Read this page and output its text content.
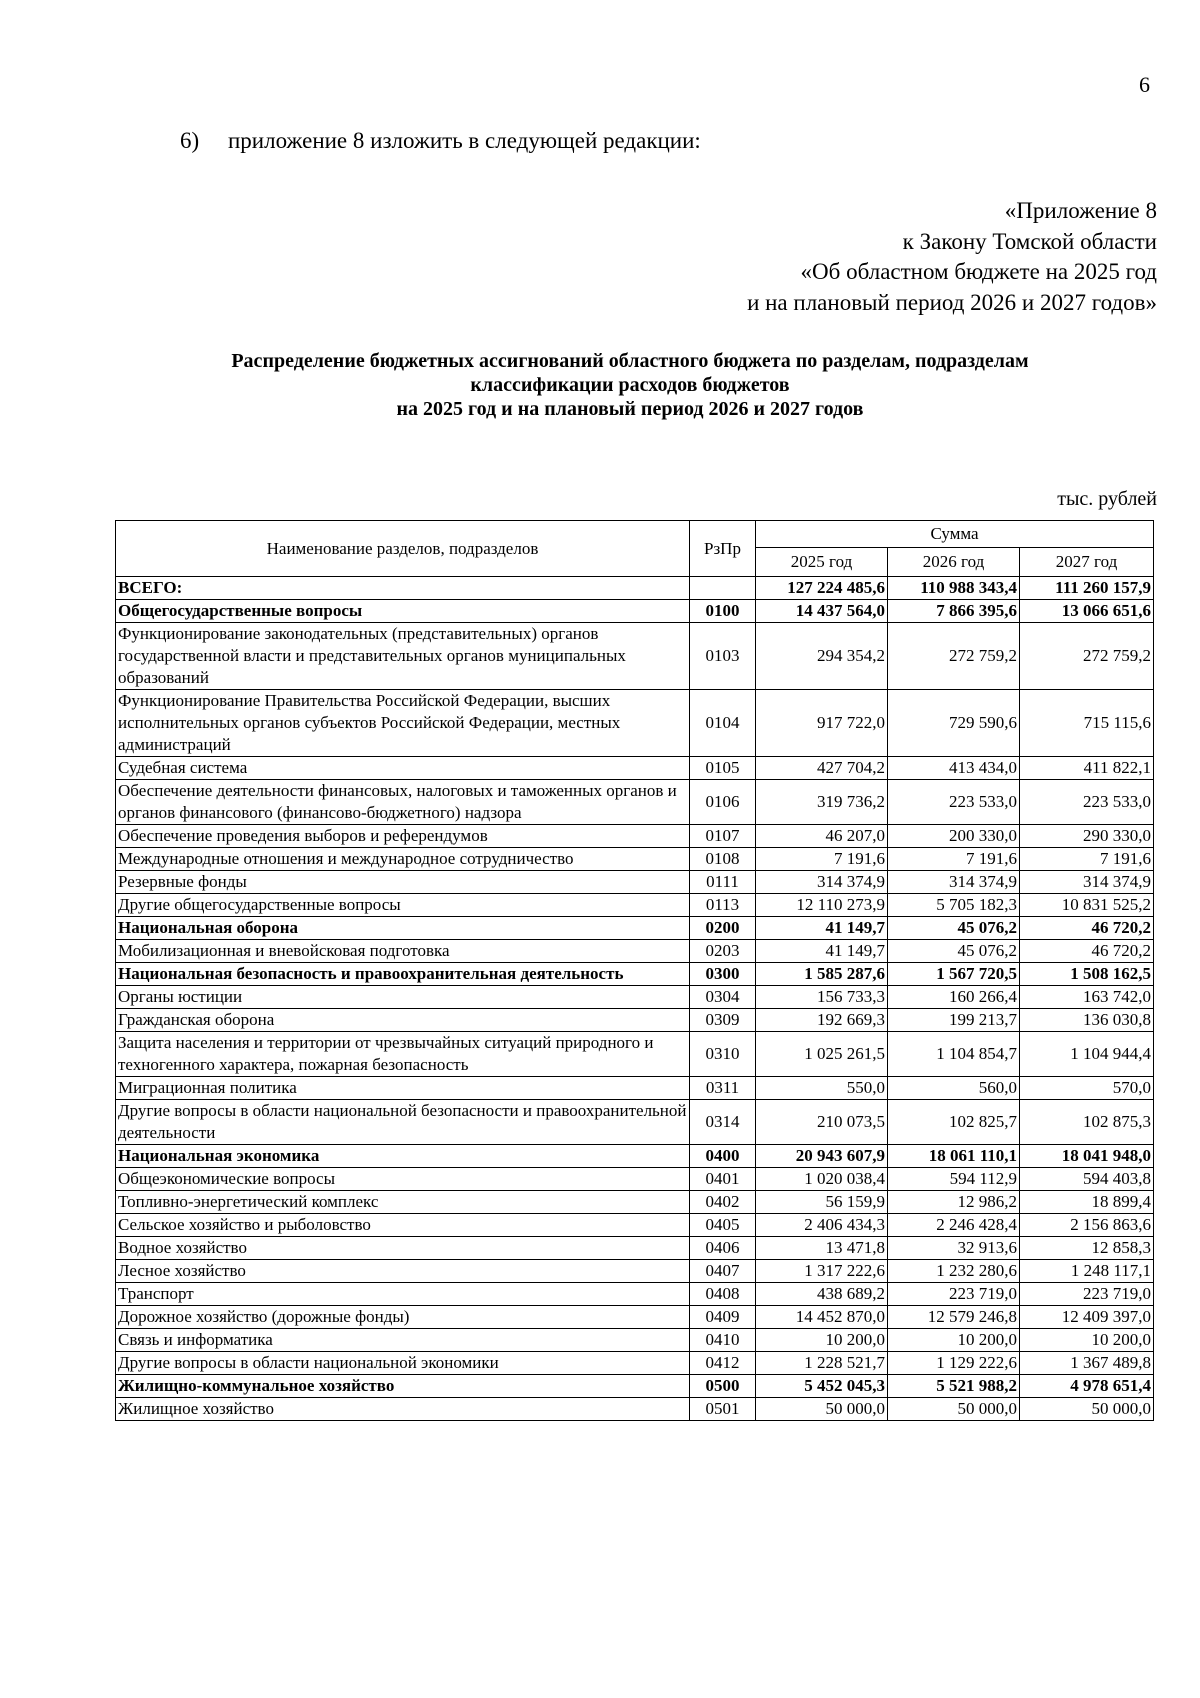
6
6) приложение 8 изложить в следующей редакции:
«Приложение 8
к Закону Томской области
«Об областном бюджете на 2025 год
и на плановый период 2026 и 2027 годов»
Распределение бюджетных ассигнований областного бюджета по разделам, подразделам
классификации расходов бюджетов
на 2025 год и на плановый период 2026 и 2027 годов
тыс. рублей
Наименование разделов, подразделов	РзПр	Сумма		
		2025 год	2026 год	2027 год
ВСЕГО:		127 224 485,6	110 988 343,4	111 260 157,9
Общегосударственные вопросы	0100	14 437 564,0	7 866 395,6	13 066 651,6
Функционирование законодательных (представительных) органов государственной власти и представительных органов муниципальных образований	0103	294 354,2	272 759,2	272 759,2
Функционирование Правительства Российской Федерации, высших исполнительных органов субъектов Российской Федерации, местных администраций	0104	917 722,0	729 590,6	715 115,6
Судебная система	0105	427 704,2	413 434,0	411 822,1
Обеспечение деятельности финансовых, налоговых и таможенных органов и органов финансового (финансово-бюджетного) надзора	0106	319 736,2	223 533,0	223 533,0
Обеспечение проведения выборов и референдумов	0107	46 207,0	200 330,0	290 330,0
Международные отношения и международное сотрудничество	0108	7 191,6	7 191,6	7 191,6
Резервные фонды	0111	314 374,9	314 374,9	314 374,9
Другие общегосударственные вопросы	0113	12 110 273,9	5 705 182,3	10 831 525,2
Национальная оборона	0200	41 149,7	45 076,2	46 720,2
Мобилизационная и вневойсковая подготовка	0203	41 149,7	45 076,2	46 720,2
Национальная безопасность и правоохранительная деятельность	0300	1 585 287,6	1 567 720,5	1 508 162,5
Органы юстиции	0304	156 733,3	160 266,4	163 742,0
Гражданская оборона	0309	192 669,3	199 213,7	136 030,8
Защита населения и территории от чрезвычайных ситуаций природного и техногенного характера, пожарная безопасность	0310	1 025 261,5	1 104 854,7	1 104 944,4
Миграционная политика	0311	550,0	560,0	570,0
Другие вопросы в области национальной безопасности и правоохранительной деятельности	0314	210 073,5	102 825,7	102 875,3
Национальная экономика	0400	20 943 607,9	18 061 110,1	18 041 948,0
Общеэкономические вопросы	0401	1 020 038,4	594 112,9	594 403,8
Топливно-энергетический комплекс	0402	56 159,9	12 986,2	18 899,4
Сельское хозяйство и рыболовство	0405	2 406 434,3	2 246 428,4	2 156 863,6
Водное хозяйство	0406	13 471,8	32 913,6	12 858,3
Лесное хозяйство	0407	1 317 222,6	1 232 280,6	1 248 117,1
Транспорт	0408	438 689,2	223 719,0	223 719,0
Дорожное хозяйство (дорожные фонды)	0409	14 452 870,0	12 579 246,8	12 409 397,0
Связь и информатика	0410	10 200,0	10 200,0	10 200,0
Другие вопросы в области национальной экономики	0412	1 228 521,7	1 129 222,6	1 367 489,8
Жилищно-коммунальное хозяйство	0500	5 452 045,3	5 521 988,2	4 978 651,4
Жилищное хозяйство	0501	50 000,0	50 000,0	50 000,0
